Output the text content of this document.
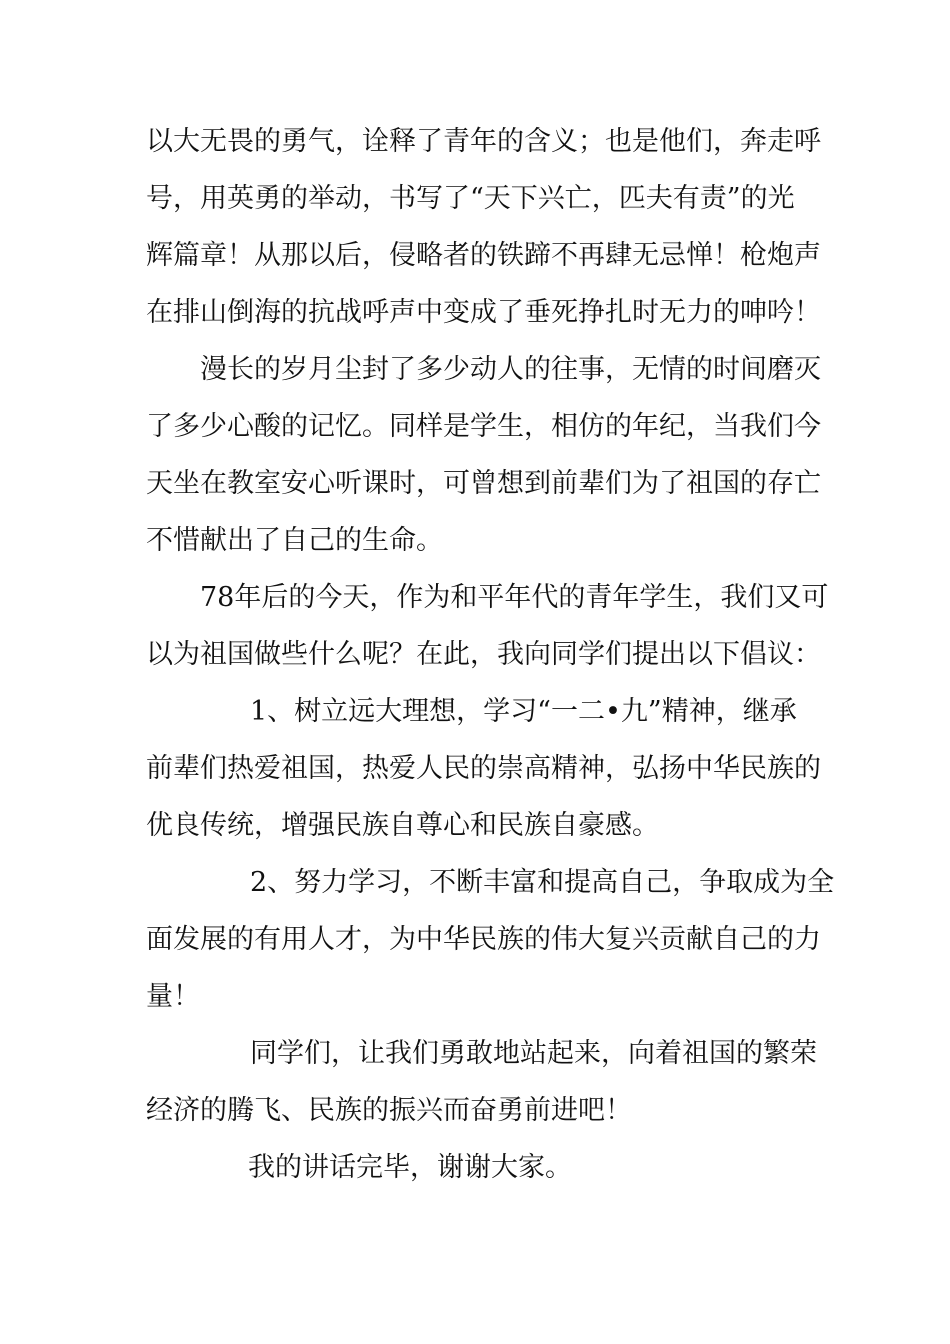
以大无畏的勇气，诠释了青年的含义；也是他们，奔走呼
号，用英勇的举动，书写了“天下兴亡，匹夫有责”的光
辉篇章！从那以后，侵略者的铁蹄不再肆无忌惮！枪炮声
在排山倒海的抗战呼声中变成了垂死挣扎时无力的呻吟！
漫长的岁月尘封了多少动人的往事，无情的时间磨灭
了多少心酸的记忆。同样是学生，相仿的年纪，当我们今
天坐在教室安心听课时，可曾想到前辈们为了祖国的存亡
不惜献出了自己的生命。
78年后的今天，作为和平年代的青年学生，我们又可
以为祖国做些什么呢？在此，我向同学们提出以下倡议：
1、树立远大理想，学习“一二•九”精神，继承
前辈们热爱祖国，热爱人民的崇高精神，弘扬中华民族的
优良传统，增强民族自尊心和民族自豪感。
2、努力学习，不断丰富和提高自己，争取成为全
面发展的有用人才，为中华民族的伟大复兴贡献自己的力
量！
同学们，让我们勇敢地站起来，向着祖国的繁荣
经济的腾飞、民族的振兴而奋勇前进吧！
我的讲话完毕，谢谢大家。
